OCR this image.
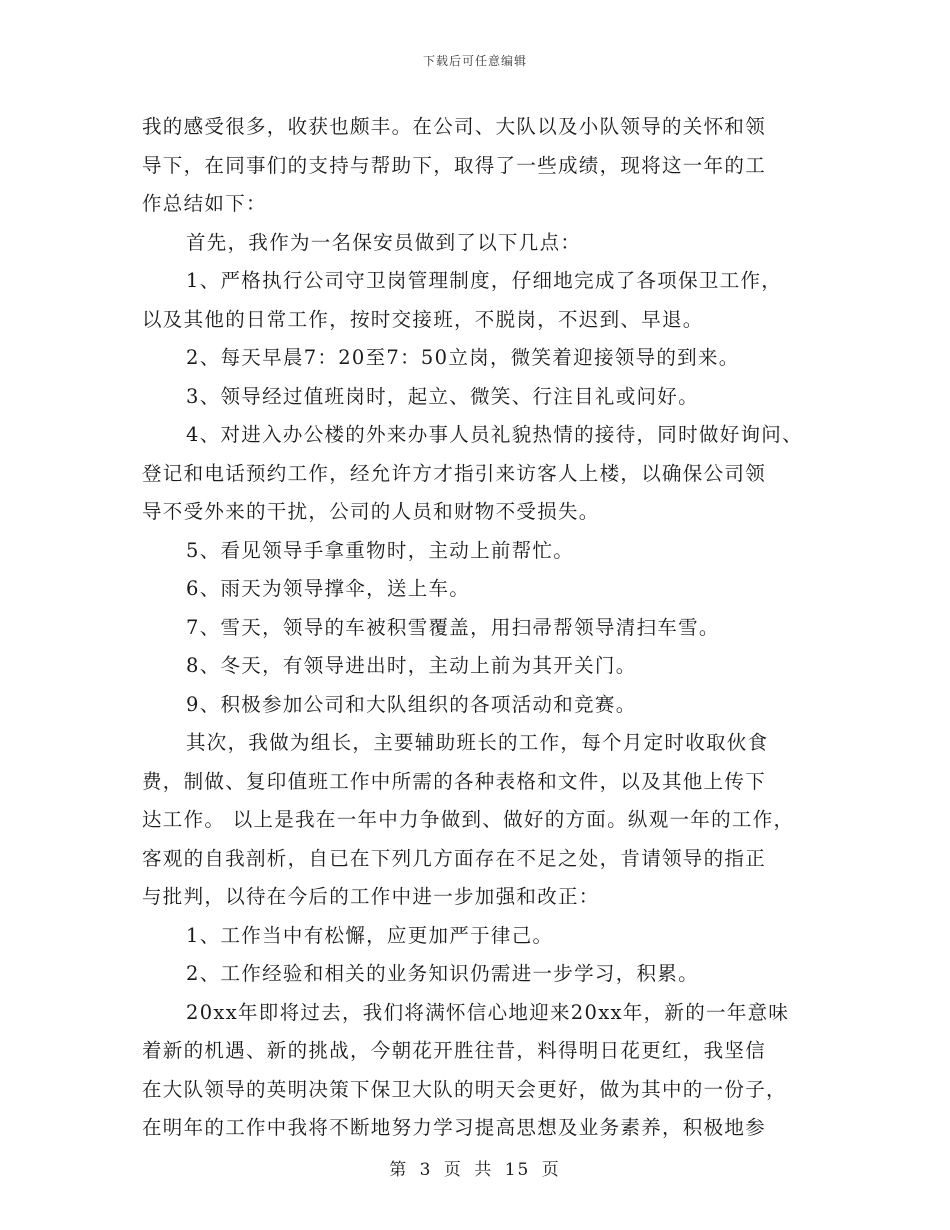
下载后可任意编辑
我的感受很多，收获也颇丰。在公司、大队以及小队领导的关怀和领
导下，在同事们的支持与帮助下，取得了一些成绩，现将这一年的工
作总结如下：
首先，我作为一名保安员做到了以下几点：
1、严格执行公司守卫岗管理制度，仔细地完成了各项保卫工作，
以及其他的日常工作，按时交接班，不脱岗，不迟到、早退。
2、每天早晨7：20至7：50立岗，微笑着迎接领导的到来。
3、领导经过值班岗时，起立、微笑、行注目礼或问好。
4、对进入办公楼的外来办事人员礼貌热情的接待，同时做好询问、
登记和电话预约工作，经允许方才指引来访客人上楼，以确保公司领
导不受外来的干扰，公司的人员和财物不受损失。
5、看见领导手拿重物时，主动上前帮忙。
6、雨天为领导撑伞，送上车。
7、雪天，领导的车被积雪覆盖，用扫帚帮领导清扫车雪。
8、冬天，有领导进出时，主动上前为其开关门。
9、积极参加公司和大队组织的各项活动和竞赛。
其次，我做为组长，主要辅助班长的工作，每个月定时收取伙食
费，制做、复印值班工作中所需的各种表格和文件，以及其他上传下
达工作。 以上是我在一年中力争做到、做好的方面。纵观一年的工作，
客观的自我剖析，自已在下列几方面存在不足之处，肯请领导的指正
与批判，以待在今后的工作中进一步加强和改正：
1、工作当中有松懈，应更加严于律己。
2、工作经验和相关的业务知识仍需进一步学习，积累。
20xx年即将过去，我们将满怀信心地迎来20xx年，新的一年意味
着新的机遇、新的挑战，今朝花开胜往昔，料得明日花更红，我坚信
在大队领导的英明决策下保卫大队的明天会更好，做为其中的一份子，
在明年的工作中我将不断地努力学习提高思想及业务素养，积极地参
第 3 页 共 15 页
